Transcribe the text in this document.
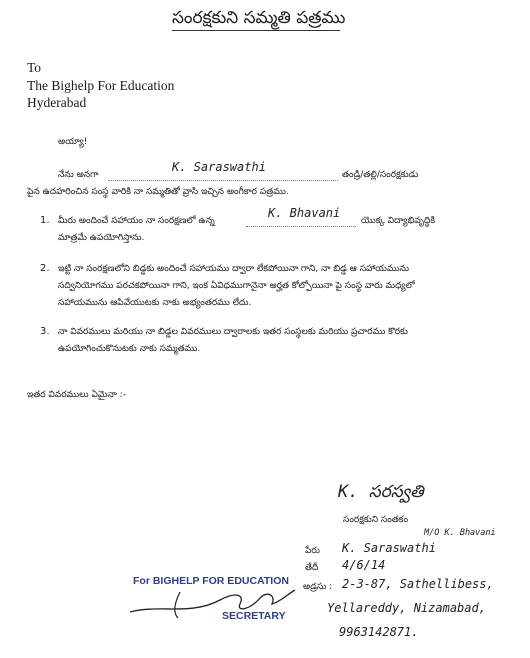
సంరక్షకుని సమ్మతి పత్రము
To
The Bighelp For Education
Hyderabad
అయ్యా!
నేను అనగా
K. Saraswathi
తండ్రి/తల్లి/సంరక్షకుడు
పైన ఉదహరించిన సంస్థ వారికి నా సమ్మతితో వ్రాసి ఇచ్చిన అంగీకార పత్రము.
1. మీరు అందించే సహాయం నా సంరక్షణలో ఉన్న
K. Bhavani
యొక్క విద్యాభివృద్ధికి
మాత్రమే ఉపయోగిస్తాను.
2. ఇట్టి నా సంరక్షణలోని బిడ్డకు అందించే సహాయము ద్వారా లేకపోయినా గాని, నా బిడ్డ ఆ సహాయమును
సద్వినియోగము పరచకపోయినా గాని, ఇంక ఏవిధముగానైనా అర్హత కోల్పోయినా పై సంస్థ వారు మధ్యలో
సహాయమును ఆపివేయుటకు నాకు అభ్యంతరము లేదు.
3. నా వివరములు మరియు నా బిడ్డల వివరములు ద్వారాలకు ఇతర సంస్థలకు మరియు ప్రచారము కొరకు
ఉపయోగించుకొనుటకు నాకు సమ్మతము.
ఇతర వివరములు ఏమైనా :-
K. సరస్వతి
సంరక్షకుని సంతకం
M/O K. Bhavani
పేరు K. Saraswathi
తేదీ 4/6/14
అడ్రసు : 2-3-87, Sathellibess,
Yellareddy, Nizamabad,
9963142871.
For BIGHELP FOR EDUCATION
SECRETARY
